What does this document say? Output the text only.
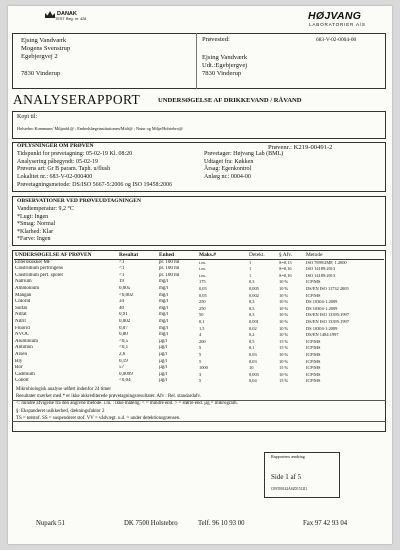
DANAK
TEST Reg. nr. 428	HØJVANG
LABORATORIER A/S
Ejsing Vandværk
Mogens Svenstrup
Egebjergvej 2
7830 Vinderup
Prøvested:	683-V-02-0004-00
Ejsing Vandværk
Udt.:Egebjergvej
7830 Vinderup
ANALYSERAPPORT	UNDERSØGELSE AF DRIKKEVAND / RÅVAND
Kopi til:
Holstebro Kommune/ Miljøafd.@ ; Embedslægeinstitutionen/Midt@ ; Natur og Miljø/Holstebro@
OPLYSNINGER OM PRØVEN	Prøvenr.: K219-00491-2
Tidspunkt for prøvetagning: 05-02-19 Kl. 08:20
Analysering påbegyndt: 05-02-19
Prøvens art: Gr B param. Taph. u/flush
Lokalitet nr.: 683-V-02-000400
Prøvetagningsmetode: DS/ISO 5667-5:2006 og ISO 19458:2006
Prøvetager: Højvang Lab (BML)
Udtaget fra: Køkken
Årsag: Egenkontrol
Anlæg nr.: 0004-00
OBSERVATIONER VED PRØVEUDTAGNINGEN
Vandtemperatur: 9,2 °C
*Lugt: Ingen
*Smag: Normal
*Klarhed: Klar
*Farve: Ingen
UNDERSØGELSE AF PRØVEN	Resultat	Enhed	Maks.#		Detekt.	§ Afv.	Metode
Enterokokker MF	<1	pr. 100 ml	i.m.		1	S=0,13	ISO 7899/2MF, 1.2000
Clostridium perfringens	<1	pr. 100 ml	i.m.		1	S=0,16	ISO 14189:2013
Clostridium perf. sporer	<1	pr. 100 ml	i.m.		1	S=0,16	ISO 14189:2013
Natrium	19	mg/l	175		0,3	10 %	ICP/MS
Ammonium	0,005	mg/l	0,05		0,005	10 %	DS/EN ISO 11732 2005
Mangan	<0,002	mg/l	0,05		0,002	10 %	ICP/MS
Chlorid	34	mg/l	250		0,3	10 %	DS 10304-1:2009
Sulfat	40	mg/l	250		0,3	10 %	DS 10304-1:2009
Nitrat	0,91	mg/l	50		0,3	10 %	DS/EN ISO 13395:1997
Nitrit	0,002	mg/l	0,1		0,001	10 %	DS/EN ISO 13395:1997
Fluorid	0,07	mg/l	1,5		0,02	10 %	DS 10304-1:2009
NVOC	0,80	mg/l	4		0,2	10 %	DS/EN 1484:1997
Aluminium	<0,5	µg/l	200		0,5	15 %	ICP/MS
Antimon	<0,1	µg/l	5		0,1	15 %	ICP/MS
Arsen	2,6	µg/l	5		0,03	10 %	ICP/MS
Bly	0,19	µg/l	5		0,03	10 %	ICP/MS
Bor	57	µg/l	1000		10	15 %	ICP/MS
Cadmium	0,0099	µg/l	3		0,003	10 %	ICP/MS
Cobolt	<0,04	µg/l	5		0,04	15 %	ICP/MS
Mikrobiologisk analyse udført indenfor 24 timer
Resultater mærket med * er ikke akkrediterede prøvetagningsresultater. Afv : Rel. standardafv.
<: mindre afvigelse fra den angivne metode. i.m. : ikke målelig. < = mindre end. > = større end. µg = mikrogram.
§: Ekspanderet usikkerhed, dækningsfaktor 2
TS = tørstof. SS = suspenderet stof. VV = vådvægt. u.d. = under detektionsgrænsen.
Rapportens ændring
Side 1 af 5
C09T00142A62D1512I1
Nupark 51	DK 7500 Holstebro	Telf. 96 10 93 00	Fax 97 42 93 04
